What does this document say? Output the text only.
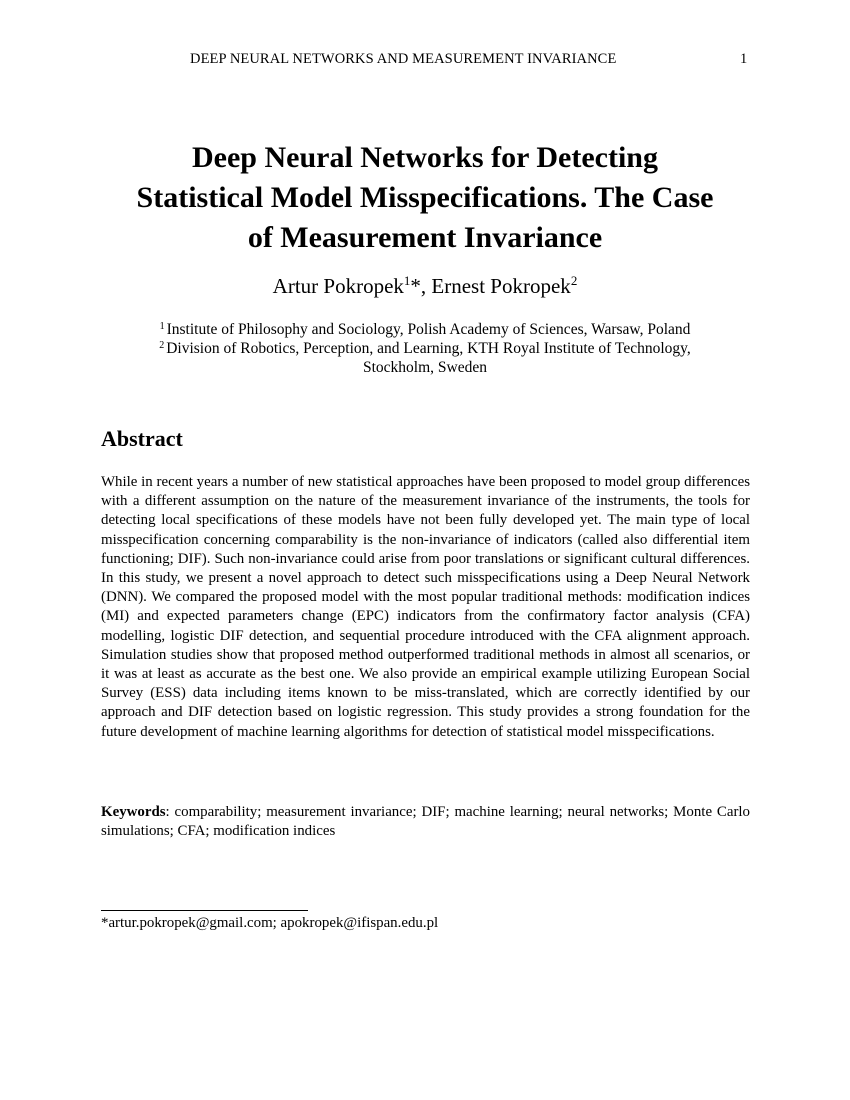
DEEP NEURAL NETWORKS AND MEASUREMENT INVARIANCE	1
Deep Neural Networks for Detecting
Statistical Model Misspecifications. The Case
of Measurement Invariance
Artur Pokropek$^1$*, Ernest Pokropek$^2$
$^1$ Institute of Philosophy and Sociology, Polish Academy of Sciences, Warsaw, Poland
$^2$ Division of Robotics, Perception, and Learning, KTH Royal Institute of Technology, Stockholm, Sweden
Abstract
While in recent years a number of new statistical approaches have been proposed to model group differences with a different assumption on the nature of the measurement invariance of the instruments, the tools for detecting local specifications of these models have not been fully developed yet. The main type of local misspecification concerning comparability is the non-invariance of indicators (called also differential item functioning; DIF). Such non-invariance could arise from poor translations or significant cultural differences. In this study, we present a novel approach to detect such misspecifications using a Deep Neural Network (DNN). We compared the proposed model with the most popular traditional methods: modification indices (MI) and expected parameters change (EPC) indicators from the confirmatory factor analysis (CFA) modelling, logistic DIF detection, and sequential procedure introduced with the CFA alignment approach. Simulation studies show that proposed method outperformed traditional methods in almost all scenarios, or it was at least as accurate as the best one. We also provide an empirical example utilizing European Social Survey (ESS) data including items known to be miss-translated, which are correctly identified by our approach and DIF detection based on logistic regression. This study provides a strong foundation for the future development of machine learning algorithms for detection of statistical model misspecifications.
Keywords: comparability; measurement invariance; DIF; machine learning; neural networks; Monte Carlo simulations; CFA; modification indices
*artur.pokropek@gmail.com; apokropek@ifispan.edu.pl
